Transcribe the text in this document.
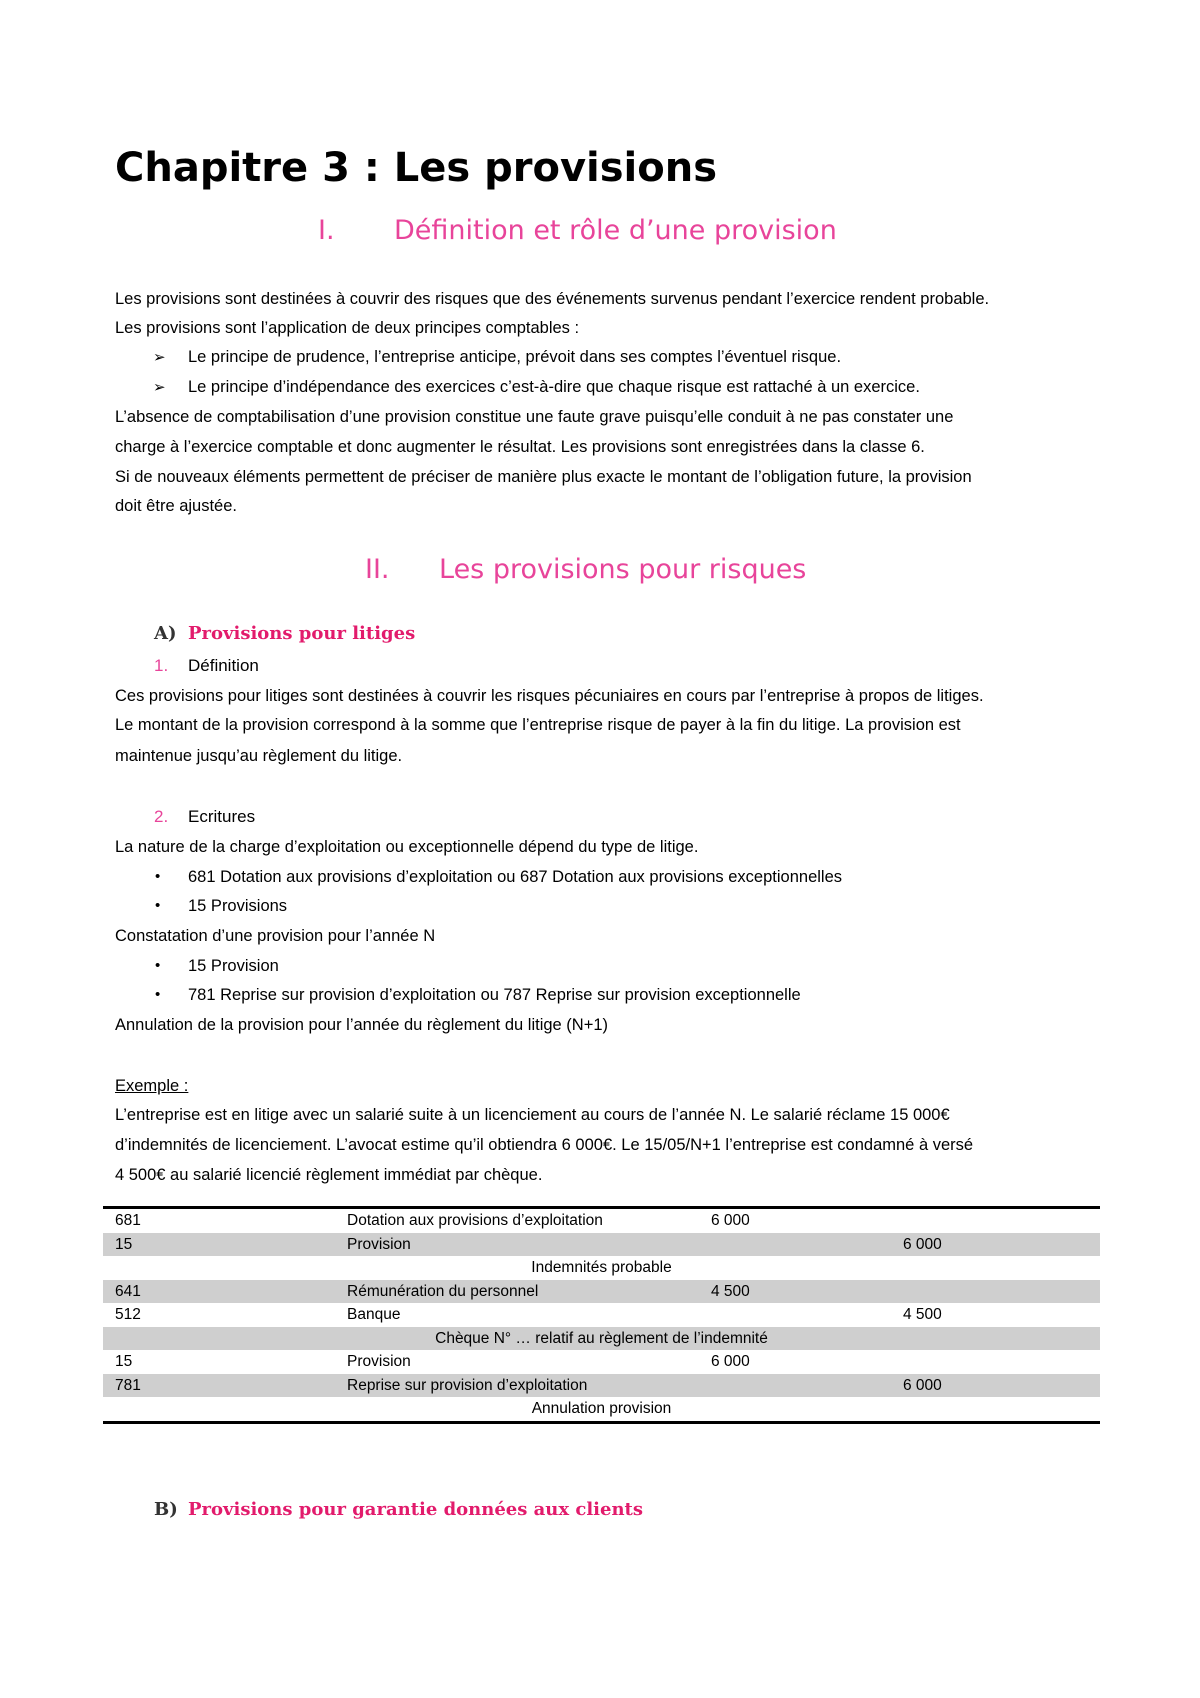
Chapitre 3 : Les provisions
I. Définition et rôle d’une provision
Les provisions sont destinées à couvrir des risques que des événements survenus pendant l’exercice rendent probable.
Les provisions sont l’application de deux principes comptables :
➢ Le principe de prudence, l’entreprise anticipe, prévoit dans ses comptes l’éventuel risque.
➢ Le principe d’indépendance des exercices c’est-à-dire que chaque risque est rattaché à un exercice.
L’absence de comptabilisation d’une provision constitue une faute grave puisqu’elle conduit à ne pas constater une
charge à l’exercice comptable et donc augmenter le résultat. Les provisions sont enregistrées dans la classe 6.
Si de nouveaux éléments permettent de préciser de manière plus exacte le montant de l’obligation future, la provision
doit être ajustée.
II. Les provisions pour risques
A) Provisions pour litiges
1. Définition
Ces provisions pour litiges sont destinées à couvrir les risques pécuniaires en cours par l’entreprise à propos de litiges.
Le montant de la provision correspond à la somme que l’entreprise risque de payer à la fin du litige. La provision est
maintenue jusqu’au règlement du litige.
2. Ecritures
La nature de la charge d’exploitation ou exceptionnelle dépend du type de litige.
• 681 Dotation aux provisions d’exploitation ou 687 Dotation aux provisions exceptionnelles
• 15 Provisions
Constatation d’une provision pour l’année N
• 15 Provision
• 781 Reprise sur provision d’exploitation ou 787 Reprise sur provision exceptionnelle
Annulation de la provision pour l’année du règlement du litige (N+1)
Exemple :
L’entreprise est en litige avec un salarié suite à un licenciement au cours de l’année N. Le salarié réclame 15 000€
d’indemnités de licenciement. L’avocat estime qu’il obtiendra 6 000€. Le 15/05/N+1 l’entreprise est condamné à versé
4 500€ au salarié licencié règlement immédiat par chèque.
681	Dotation aux provisions d’exploitation	6 000	
15	Provision		6 000
Indemnités probable			
641	Rémunération du personnel	4 500	
512	Banque		4 500
Chèque N° … relatif au règlement de l’indemnité			
15	Provision	6 000	
781	Reprise sur provision d’exploitation		6 000
Annulation provision			
B) Provisions pour garantie données aux clients
